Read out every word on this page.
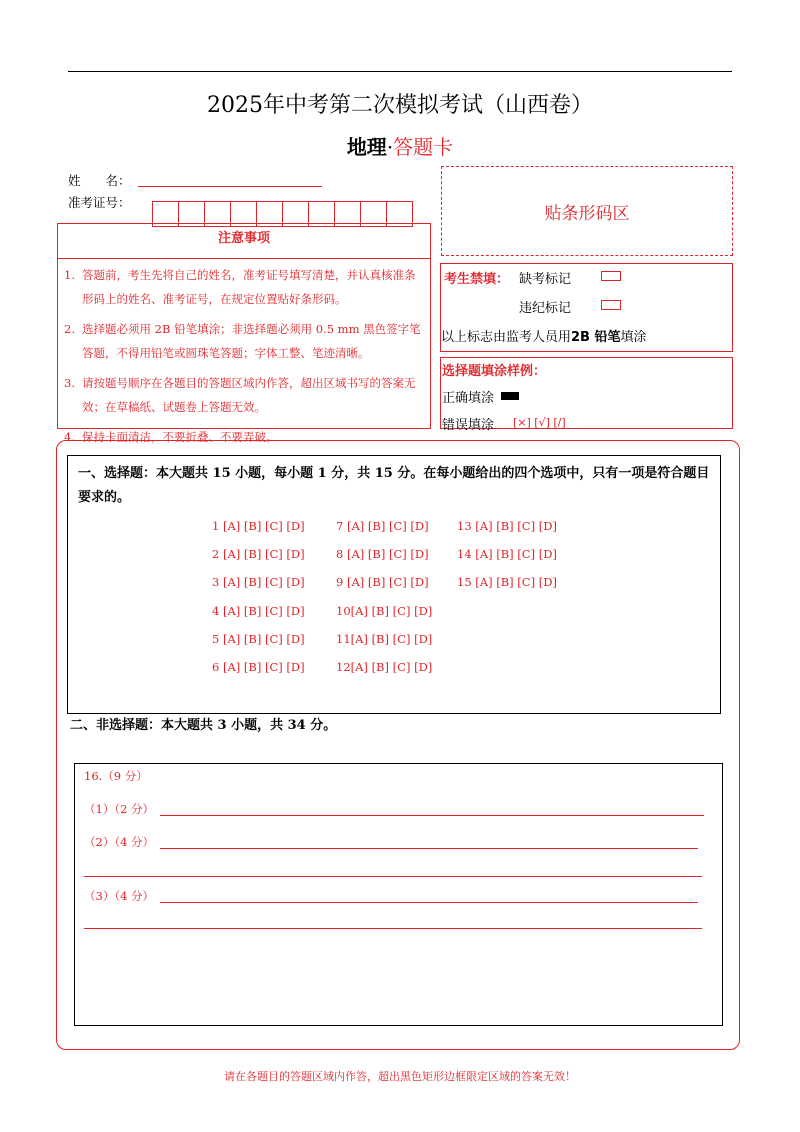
2025年中考第二次模拟考试（山西卷）
地理·答题卡
姓　　名：
准考证号：
贴条形码区
注意事项
1. 答题前，考生先将自己的姓名，准考证号填写清楚，并认真核准条形码上的姓名、准考证号，在规定位置贴好条形码。
2. 选择题必须用 2B 铅笔填涂；非选择题必须用 0.5 mm 黑色签字笔答题，不得用铅笔或圆珠笔答题；字体工整、笔迹清晰。
3. 请按题号顺序在各题目的答题区域内作答，超出区域书写的答案无效；在草稿纸、试题卷上答题无效。
4. 保持卡面清洁，不要折叠、不要弄破。
考生禁填： 缺考标记
违纪标记
以上标志由监考人员用2B 铅笔填涂
选择题填涂样例：
正确填涂
错误填涂 [×] [√] [/]
一、选择题：本大题共 15 小题，每小题 1 分，共 15 分。在每小题给出的四个选项中，只有一项是符合题目要求的。
1 [A] [B] [C] [D]
2 [A] [B] [C] [D]
3 [A] [B] [C] [D]
4 [A] [B] [C] [D]
5 [A] [B] [C] [D]
6 [A] [B] [C] [D]
7 [A] [B] [C] [D]
8 [A] [B] [C] [D]
9 [A] [B] [C] [D]
10[A] [B] [C] [D]
11[A] [B] [C] [D]
12[A] [B] [C] [D]
13 [A] [B] [C] [D]
14 [A] [B] [C] [D]
15 [A] [B] [C] [D]
二、非选择题：本大题共 3 小题，共 34 分。
16.（9 分）
（1）（2 分）
（2）（4 分）
（3）（4 分）
请在各题目的答题区域内作答，超出黑色矩形边框限定区域的答案无效！
